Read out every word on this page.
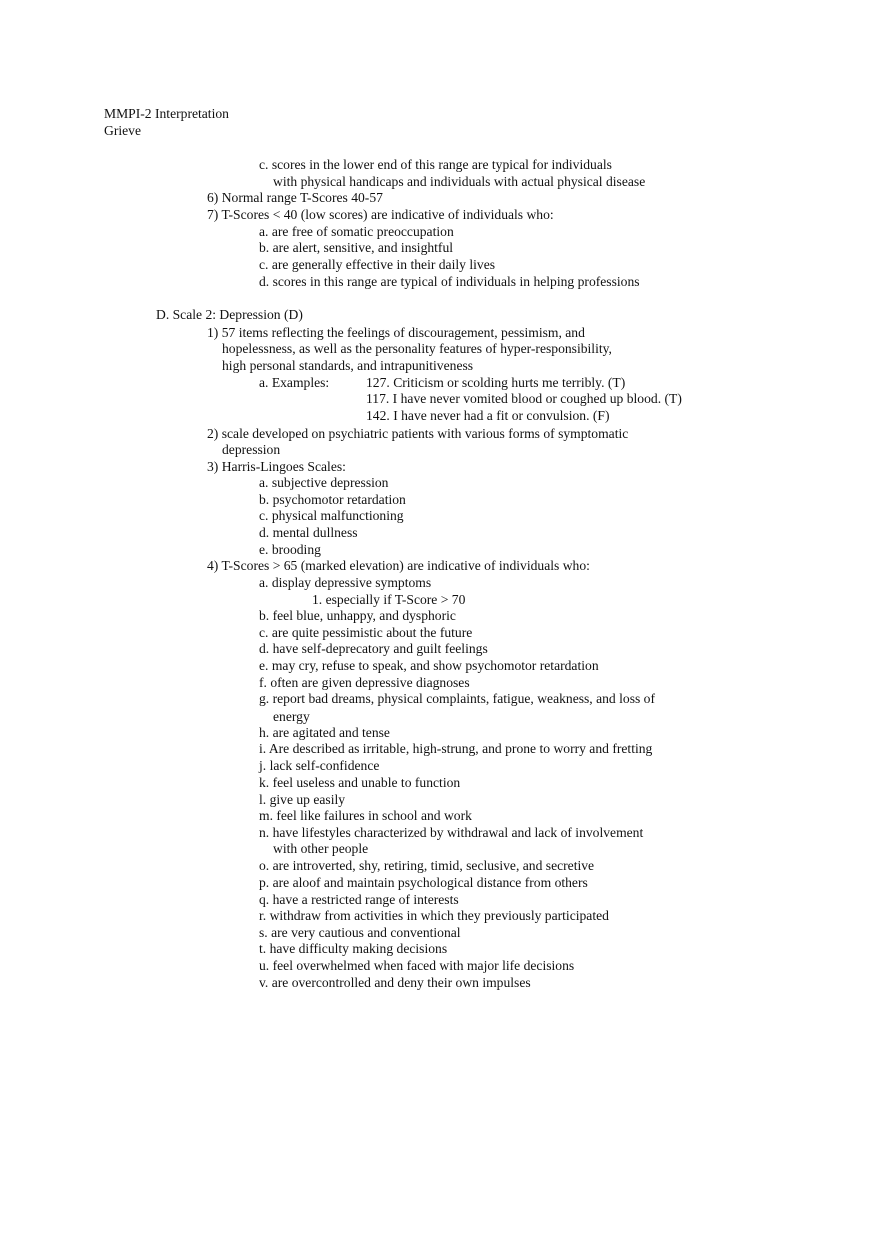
MMPI-2 Interpretation
Grieve
c. scores in the lower end of this range are typical for individuals
with physical handicaps and individuals with actual physical disease
6) Normal range T-Scores 40-57
7) T-Scores < 40 (low scores) are indicative of individuals who:
a. are free of somatic preoccupation
b. are alert, sensitive, and insightful
c. are generally effective in their daily lives
d. scores in this range are typical of individuals in helping professions
D. Scale 2: Depression (D)
1) 57 items reflecting the feelings of discouragement, pessimism, and
hopelessness, as well as the personality features of hyper-responsibility,
high personal standards, and intrapunitiveness
a. Examples:	127. Criticism or scolding hurts me terribly. (T)
117. I have never vomited blood or coughed up blood. (T)
142. I have never had a fit or convulsion. (F)
2) scale developed on psychiatric patients with various forms of symptomatic
depression
3) Harris-Lingoes Scales:
a. subjective depression
b. psychomotor retardation
c. physical malfunctioning
d. mental dullness
e. brooding
4) T-Scores > 65 (marked elevation) are indicative of individuals who:
a. display depressive symptoms
1. especially if T-Score > 70
b. feel blue, unhappy, and dysphoric
c. are quite pessimistic about the future
d. have self-deprecatory and guilt feelings
e. may cry, refuse to speak, and show psychomotor retardation
f. often are given depressive diagnoses
g. report bad dreams, physical complaints, fatigue, weakness, and loss of
energy
h. are agitated and tense
i. Are described as irritable, high-strung, and prone to worry and fretting
j. lack self-confidence
k. feel useless and unable to function
l. give up easily
m. feel like failures in school and work
n. have lifestyles characterized by withdrawal and lack of involvement
with other people
o. are introverted, shy, retiring, timid, seclusive, and secretive
p. are aloof and maintain psychological distance from others
q. have a restricted range of interests
r. withdraw from activities in which they previously participated
s. are very cautious and conventional
t. have difficulty making decisions
u. feel overwhelmed when faced with major life decisions
v. are overcontrolled and deny their own impulses
